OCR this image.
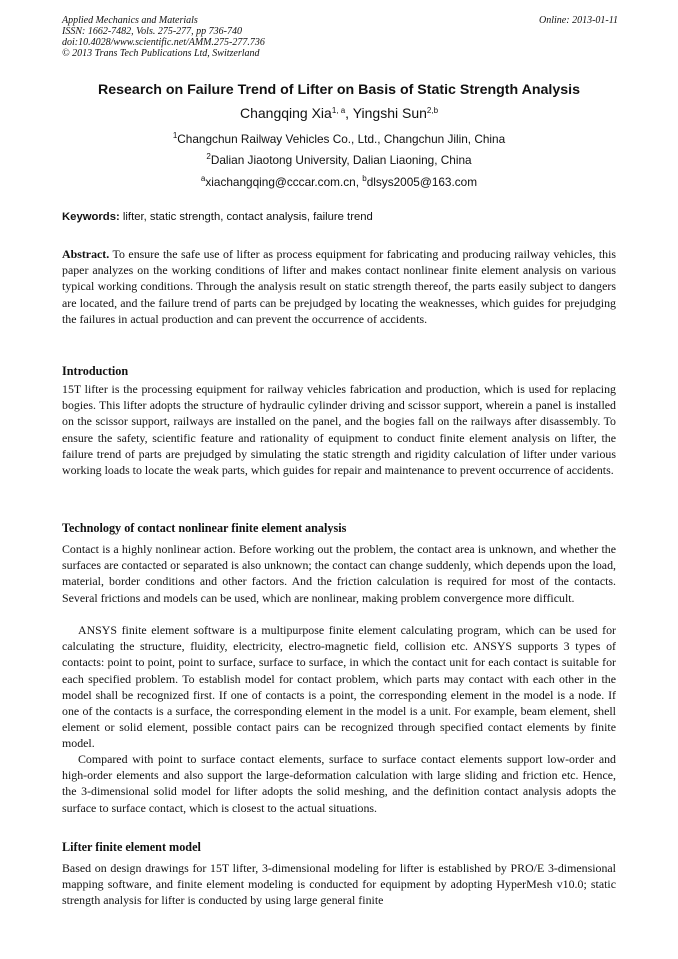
Applied Mechanics and Materials
ISSN: 1662-7482, Vols. 275-277, pp 736-740
doi:10.4028/www.scientific.net/AMM.275-277.736
© 2013 Trans Tech Publications Ltd, Switzerland
Online: 2013-01-11
Research on Failure Trend of Lifter on Basis of Static Strength Analysis
Changqing Xia$^{1, a}$, Yingshi Sun$^{2,b}$
$^1$Changchun Railway Vehicles Co., Ltd., Changchun Jilin, China
$^2$Dalian Jiaotong University, Dalian Liaoning, China
$^a$xiachangqing@cccar.com.cn, $^b$dlsys2005@163.com
Keywords: lifter, static strength, contact analysis, failure trend

Abstract. To ensure the safe use of lifter as process equipment for fabricating and producing railway vehicles, this paper analyzes on the working conditions of lifter and makes contact nonlinear finite element analysis on various typical working conditions. Through the analysis result on static strength thereof, the parts easily subject to dangers are located, and the failure trend of parts can be prejudged by locating the weaknesses, which guides for prejudging the failures in actual production and can prevent the occurrence of accidents.

Introduction

15T lifter is the processing equipment for railway vehicles fabrication and production, which is used for replacing bogies. This lifter adopts the structure of hydraulic cylinder driving and scissor support, wherein a panel is installed on the scissor support, railways are installed on the panel, and the bogies fall on the railways after disassembly. To ensure the safety, scientific feature and rationality of equipment to conduct finite element analysis on lifter, the failure trend of parts are prejudged by simulating the static strength and rigidity calculation of lifter under various working loads to locate the weak parts, which guides for repair and maintenance to prevent occurrence of accidents.

Technology of contact nonlinear finite element analysis

Contact is a highly nonlinear action. Before working out the problem, the contact area is unknown, and whether the surfaces are contacted or separated is also unknown; the contact can change suddenly, which depends upon the load, material, border conditions and other factors. And the friction calculation is required for most of the contacts. Several frictions and models can be used, which are nonlinear, making problem convergence more difficult.

ANSYS finite element software is a multipurpose finite element calculating program, which can be used for calculating the structure, fluidity, electricity, electro-magnetic field, collision etc. ANSYS supports 3 types of contacts: point to point, point to surface, surface to surface, in which the contact unit for each contact is suitable for each specified problem. To establish model for contact problem, which parts may contact with each other in the model shall be recognized first. If one of contacts is a point, the corresponding element in the model is a node. If one of the contacts is a surface, the corresponding element in the model is a unit. For example, beam element, shell element or solid element, possible contact pairs can be recognized through specified contact elements by finite model.

Compared with point to surface contact elements, surface to surface contact elements support low-order and high-order elements and also support the large-deformation calculation with large sliding and friction etc. Hence, the 3-dimensional solid model for lifter adopts the solid meshing, and the definition contact analysis adopts the surface to surface contact, which is closest to the actual situations.

Lifter finite element model

Based on design drawings for 15T lifter, 3-dimensional modeling for lifter is established by PRO/E 3-dimensional mapping software, and finite element modeling is conducted for equipment by adopting HyperMesh v10.0; static strength analysis for lifter is conducted by using large general finite
